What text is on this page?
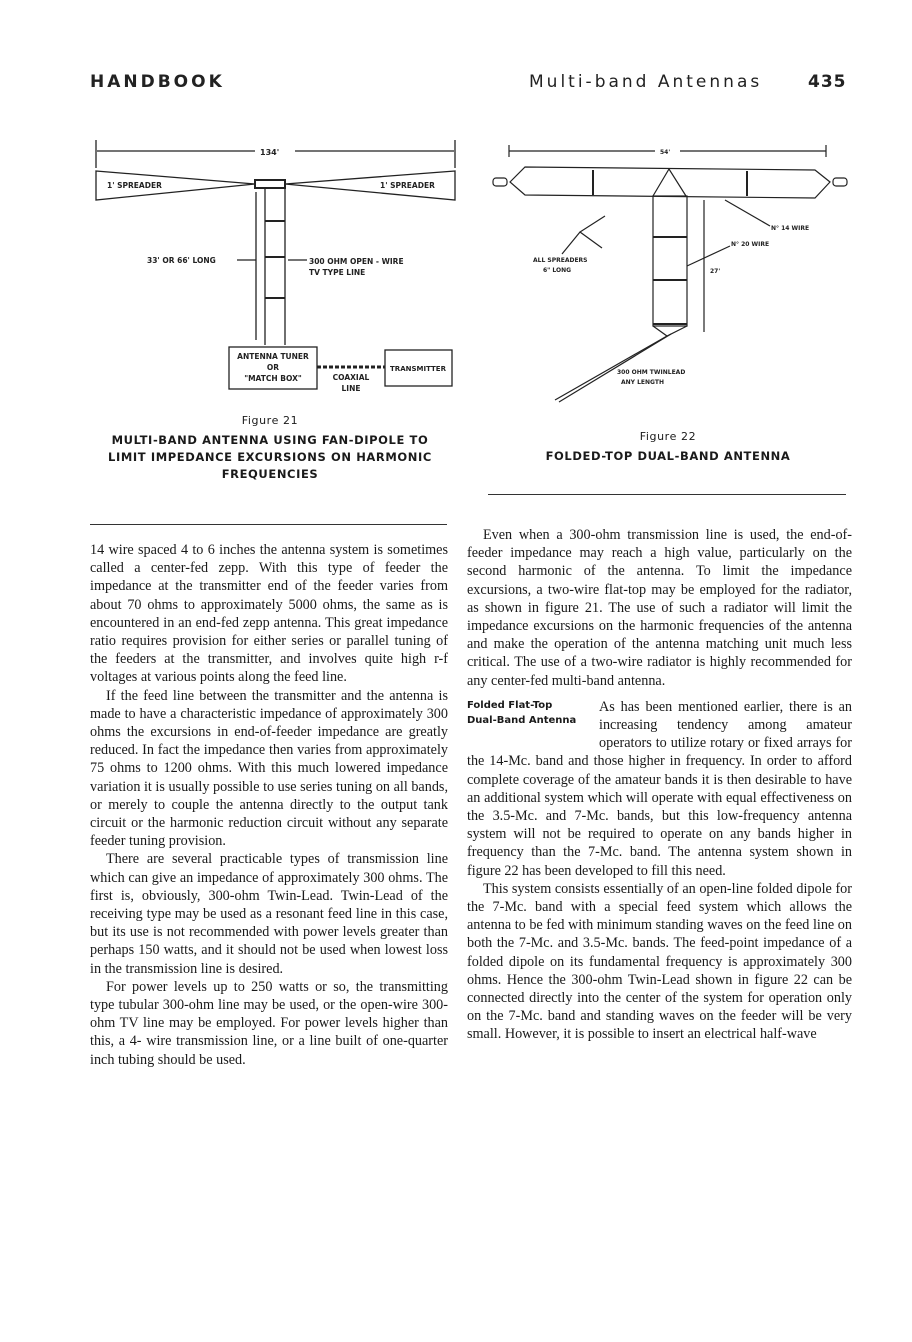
HANDBOOK	Multi-band Antennas	435
134'
1' SPREADER	1' SPREADER
33' OR 66' LONG	300 OHM OPEN - WIRE
TV TYPE LINE
ANTENNA TUNER
OR
"MATCH BOX"	COAXIAL
LINE
TRANSMITTER
Figure 21
MULTI-BAND ANTENNA USING FAN-DIPOLE TO LIMIT IMPEDANCE EXCURSIONS ON HARMONIC FREQUENCIES
54'
27'
N° 14 WIRE
N° 20 WIRE
ALL SPREADERS
6" LONG
300 OHM TWINLEAD
ANY LENGTH
Figure 22
FOLDED-TOP DUAL-BAND ANTENNA

14 wire spaced 4 to 6 inches the antenna system is sometimes called a center-fed zepp. With this type of feeder the impedance at the transmitter end of the feeder varies from about 70 ohms to approximately 5000 ohms, the same as is encountered in an end-fed zepp antenna. This great impedance ratio requires provision for either series or parallel tuning of the feeders at the transmitter, and involves quite high r-f voltages at various points along the feed line.

If the feed line between the transmitter and the antenna is made to have a characteristic impedance of approximately 300 ohms the excursions in end-of-feeder impedance are greatly reduced. In fact the impedance then varies from approximately 75 ohms to 1200 ohms. With this much lowered impedance variation it is usually possible to use series tuning on all bands, or merely to couple the antenna directly to the output tank circuit or the harmonic reduction circuit without any separate feeder tuning provision.

There are several practicable types of transmission line which can give an impedance of approximately 300 ohms. The first is, obviously, 300-ohm Twin-Lead. Twin-Lead of the receiving type may be used as a resonant feed line in this case, but its use is not recommended with power levels greater than perhaps 150 watts, and it should not be used when lowest loss in the transmission line is desired.

For power levels up to 250 watts or so, the transmitting type tubular 300-ohm line may be used, or the open-wire 300-ohm TV line may be employed. For power levels higher than this, a 4- wire transmission line, or a line built of one-quarter inch tubing should be used.

Even when a 300-ohm transmission line is used, the end-of-feeder impedance may reach a high value, particularly on the second harmonic of the antenna. To limit the impedance excursions, a two-wire flat-top may be employed for the radiator, as shown in figure 21. The use of such a radiator will limit the impedance excursions on the harmonic frequencies of the antenna and make the operation of the antenna matching unit much less critical. The use of a two-wire radiator is highly recommended for any center-fed multi-band antenna.

Folded Flat-Top
Dual-Band Antenna

As has been mentioned earlier, there is an increasing tendency among amateur operators to utilize rotary or fixed arrays for the 14-Mc. band and those higher in frequency. In order to afford complete coverage of the amateur bands it is then desirable to have an additional system which will operate with equal effectiveness on the 3.5-Mc. and 7-Mc. bands, but this low-frequency antenna system will not be required to operate on any bands higher in frequency than the 7-Mc. band. The antenna system shown in figure 22 has been developed to fill this need.

This system consists essentially of an open-line folded dipole for the 7-Mc. band with a special feed system which allows the antenna to be fed with minimum standing waves on the feed line on both the 7-Mc. and 3.5-Mc. bands. The feed-point impedance of a folded dipole on its fundamental frequency is approximately 300 ohms. Hence the 300-ohm Twin-Lead shown in figure 22 can be connected directly into the center of the system for operation only on the 7-Mc. band and standing waves on the feeder will be very small. However, it is possible to insert an electrical half-wave
